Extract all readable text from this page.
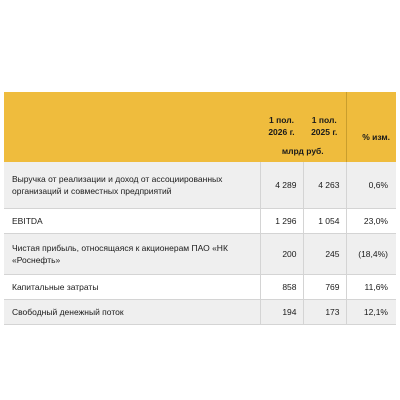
	1 пол. 2026 г.	1 пол. 2025 г.	% изм.
	млрд руб.		
Выручка от реализации и доход от ассоциированных организаций и совместных предприятий	4 289	4 263	0,6%
EBITDA	1 296	1 054	23,0%
Чистая прибыль, относящаяся к акционерам ПАО «НК «Роснефть»	200	245	(18,4%)
Капитальные затраты	858	769	11,6%
Свободный денежный поток	194	173	12,1%
